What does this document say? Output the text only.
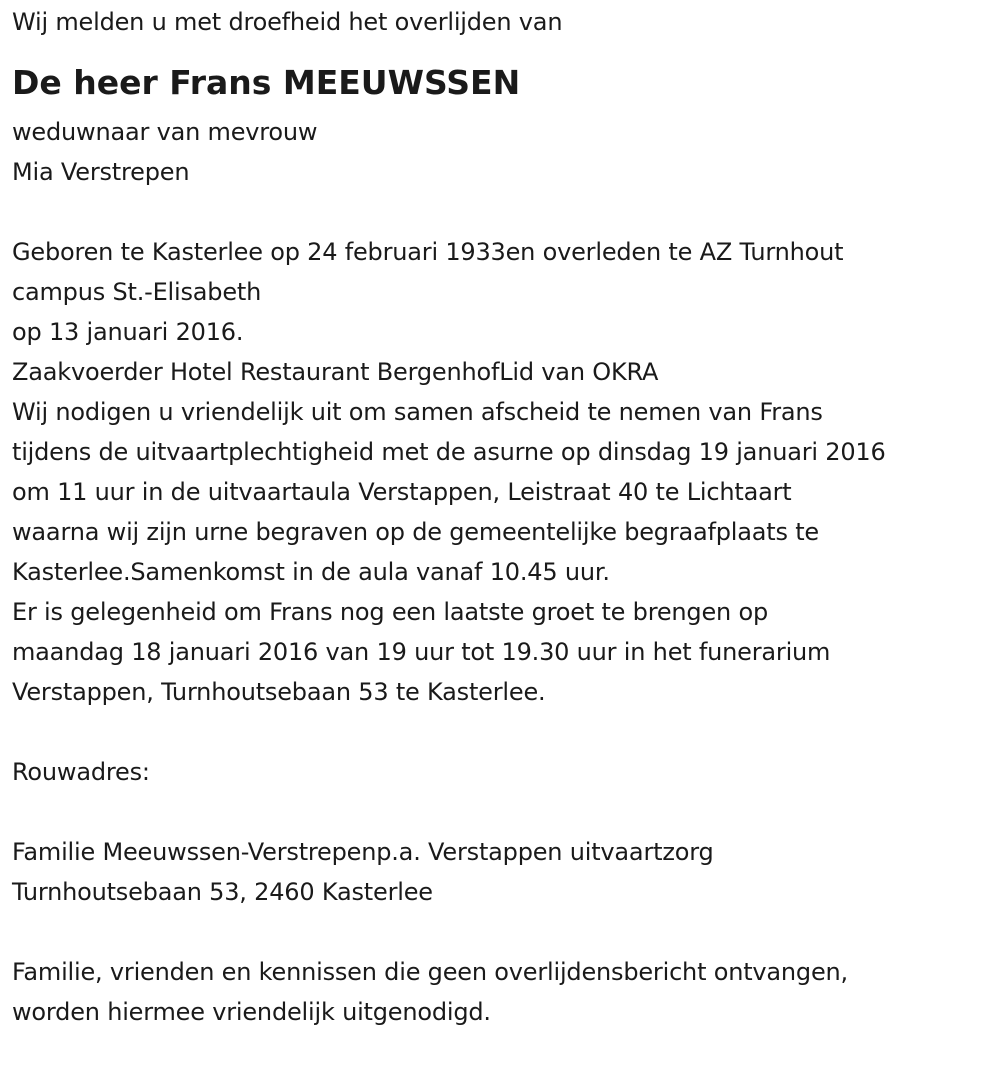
Wij melden u met droefheid het overlijden van
De heer Frans MEEUWSSEN
weduwnaar van mevrouw
Mia Verstrepen
Geboren te Kasterlee op 24 februari 1933en overleden te AZ Turnhout
campus St.-Elisabeth
op 13 januari 2016.
Zaakvoerder Hotel Restaurant BergenhofLid van OKRA
Wij nodigen u vriendelijk uit om samen afscheid te nemen van Frans
tijdens de uitvaartplechtigheid met de asurne op dinsdag 19 januari 2016
om 11 uur in de uitvaartaula Verstappen, Leistraat 40 te Lichtaart
waarna wij zijn urne begraven op de gemeentelijke begraafplaats te
Kasterlee.Samenkomst in de aula vanaf 10.45 uur.
Er is gelegenheid om Frans nog een laatste groet te brengen op
maandag 18 januari 2016 van 19 uur tot 19.30 uur in het funerarium
Verstappen, Turnhoutsebaan 53 te Kasterlee.
Rouwadres:
Familie Meeuwssen-Verstrepenp.a. Verstappen uitvaartzorg
Turnhoutsebaan 53, 2460 Kasterlee
Familie, vrienden en kennissen die geen overlijdensbericht ontvangen,
worden hiermee vriendelijk uitgenodigd.
